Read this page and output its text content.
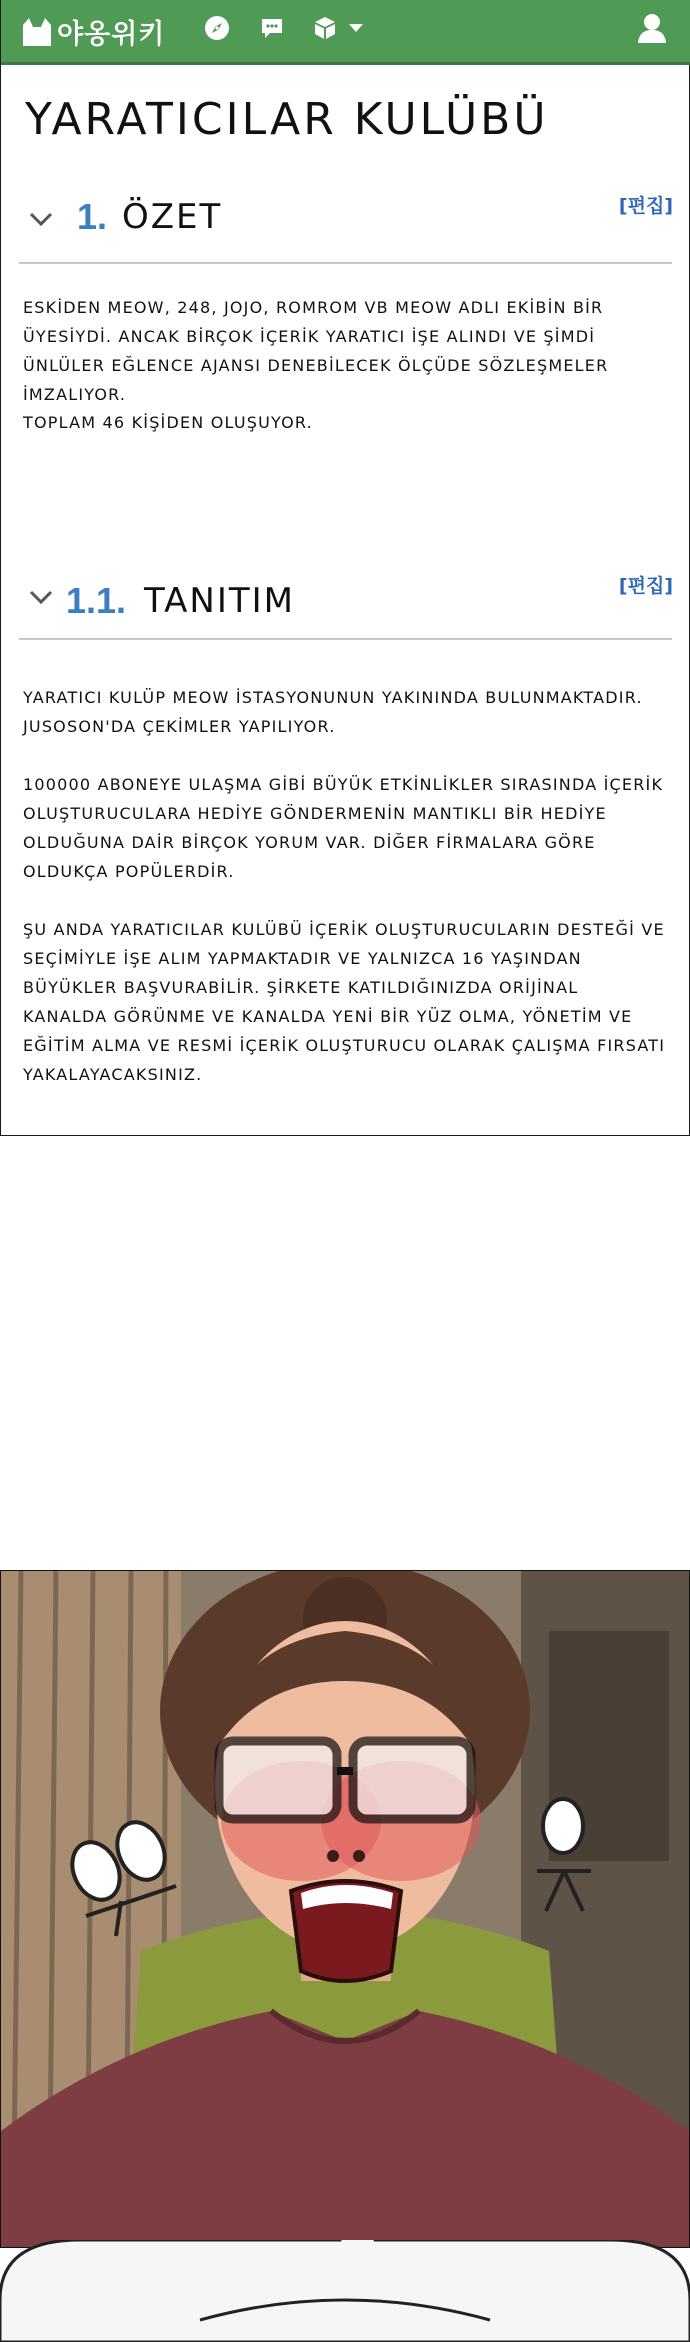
야옹위키
YARATICILAR KULÜBÜ
1. ÖZET	[편집]

ESKİDEN MEOW, 248, JOJO, ROMROM VB MEOW ADLI EKİBİN BİR ÜYESİYDİ. ANCAK BİRÇOK İÇERİK YARATICI İŞE ALINDI VE ŞİMDİ ÜNLÜLER EĞLENCE AJANSI DENEBİLECEK ÖLÇÜDE SÖZLEŞMELER İMZALIYOR.

TOPLAM 46 KİŞİDEN OLUŞUYOR.

1.1. TANITIM	[편집]

YARATICI KULÜP MEOW İSTASYONUNUN YAKININDA BULUNMAKTADIR. JUSOSON'DA ÇEKİMLER YAPILIYOR.

100000 ABONEYE ULAŞMA GİBİ BÜYÜK ETKİNLİKLER SIRASINDA İÇERİK OLUŞTURUCULARA HEDİYE GÖNDERMENİN MANTIKLI BİR HEDİYE OLDUĞUNA DAİR BİRÇOK YORUM VAR. DİĞER FİRMALARA GÖRE OLDUKÇA POPÜLERDİR.

ŞU ANDA YARATICILAR KULÜBÜ İÇERİK OLUŞTURUCULARIN DESTEĞİ VE SEÇİMİYLE İŞE ALIM YAPMAKTADIR VE YALNIZCA 16 YAŞINDAN BÜYÜKLER BAŞVURABİLİR. ŞİRKETE KATILDIĞINIZDA ORİJİNAL KANALDA GÖRÜNME VE KANALDA YENİ BİR YÜZ OLMA, YÖNETİM VE EĞİTİM ALMA VE RESMİ İÇERİK OLUŞTURUCU OLARAK ÇALIŞMA FIRSATI YAKALAYACAKSINIZ.
